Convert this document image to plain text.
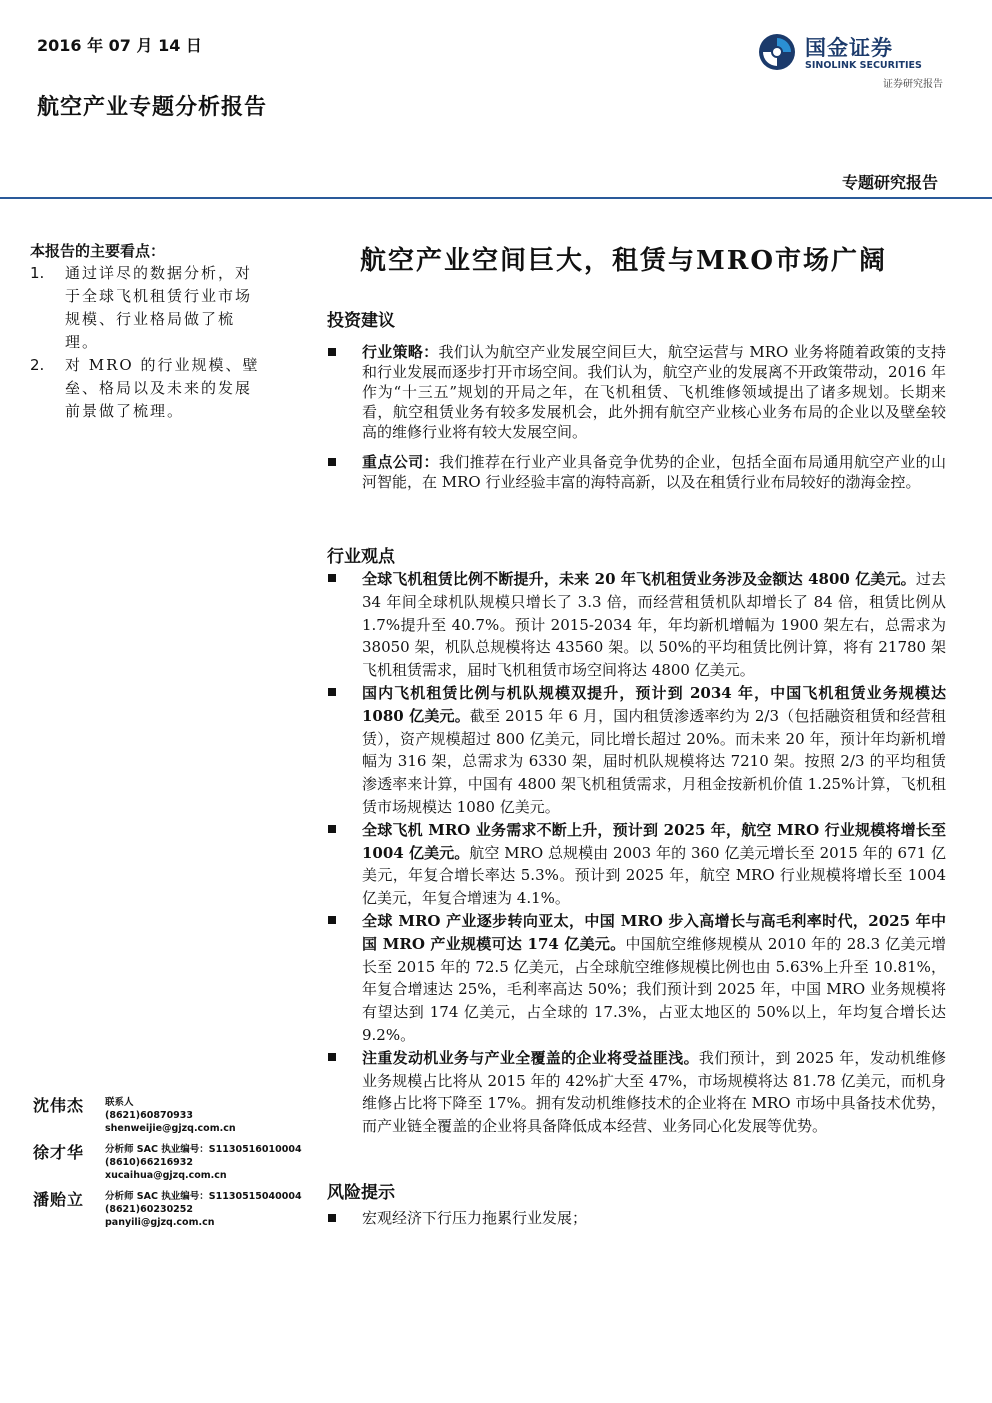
2016 年 07 月 14 日
航空产业专题分析报告
国金证券
SINOLINK SECURITIES
证券研究报告
专题研究报告
本报告的主要看点：
1. 通过详尽的数据分析，对于全球飞机租赁行业市场规模、行业格局做了梳理。
2. 对 MRO 的行业规模、壁垒、格局以及未来的发展前景做了梳理。
航空产业空间巨大，租赁与MRO市场广阔
投资建议
行业策略：我们认为航空产业发展空间巨大，航空运营与 MRO 业务将随着政策的支持和行业发展而逐步打开市场空间。我们认为，航空产业的发展离不开政策带动，2016 年作为“十三五”规划的开局之年，在飞机租赁、飞机维修领域提出了诸多规划。长期来看，航空租赁业务有较多发展机会，此外拥有航空产业核心业务布局的企业以及壁垒较高的维修行业将有较大发展空间。
重点公司：我们推荐在行业产业具备竞争优势的企业，包括全面布局通用航空产业的山河智能，在 MRO 行业经验丰富的海特高新，以及在租赁行业布局较好的渤海金控。
行业观点
全球飞机租赁比例不断提升，未来 20 年飞机租赁业务涉及金额达 4800 亿美元。过去 34 年间全球机队规模只增长了 3.3 倍，而经营租赁机队却增长了 84 倍，租赁比例从 1.7%提升至 40.7%。预计 2015-2034 年，年均新机增幅为 1900 架左右，总需求为 38050 架，机队总规模将达 43560 架。以 50%的平均租赁比例计算，将有 21780 架飞机租赁需求，届时飞机租赁市场空间将达 4800 亿美元。
国内飞机租赁比例与机队规模双提升，预计到 2034 年，中国飞机租赁业务规模达 1080 亿美元。截至 2015 年 6 月，国内租赁渗透率约为 2/3（包括融资租赁和经营租赁），资产规模超过 800 亿美元，同比增长超过 20%。而未来 20 年，预计年均新机增幅为 316 架，总需求为 6330 架，届时机队规模将达 7210 架。按照 2/3 的平均租赁渗透率来计算，中国有 4800 架飞机租赁需求，月租金按新机价值 1.25%计算，飞机租赁市场规模达 1080 亿美元。
全球飞机 MRO 业务需求不断上升，预计到 2025 年，航空 MRO 行业规模将增长至 1004 亿美元。航空 MRO 总规模由 2003 年的 360 亿美元增长至 2015 年的 671 亿美元，年复合增长率达 5.3%。预计到 2025 年，航空 MRO 行业规模将增长至 1004 亿美元，年复合增速为 4.1%。
全球 MRO 产业逐步转向亚太，中国 MRO 步入高增长与高毛利率时代，2025 年中国 MRO 产业规模可达 174 亿美元。中国航空维修规模从 2010 年的 28.3 亿美元增长至 2015 年的 72.5 亿美元，占全球航空维修规模比例也由 5.63%上升至 10.81%，年复合增速达 25%，毛利率高达 50%；我们预计到 2025 年，中国 MRO 业务规模将有望达到 174 亿美元，占全球的 17.3%，占亚太地区的 50%以上，年均复合增长达 9.2%。
注重发动机业务与产业全覆盖的企业将受益匪浅。我们预计，到 2025 年，发动机维修业务规模占比将从 2015 年的 42%扩大至 47%，市场规模将达 81.78 亿美元，而机身维修占比将下降至 17%。拥有发动机维修技术的企业将在 MRO 市场中具备技术优势，而产业链全覆盖的企业将具备降低成本经营、业务同心化发展等优势。
风险提示
宏观经济下行压力拖累行业发展；
沈伟杰 联系人
(8621)60870933
shenweijie@gjzq.com.cn
徐才华 分析师 SAC 执业编号：S1130516010004
(8610)66216932
xucaihua@gjzq.com.cn
潘贻立 分析师 SAC 执业编号：S1130515040004
(8621)60230252
panyili@gjzq.com.cn
